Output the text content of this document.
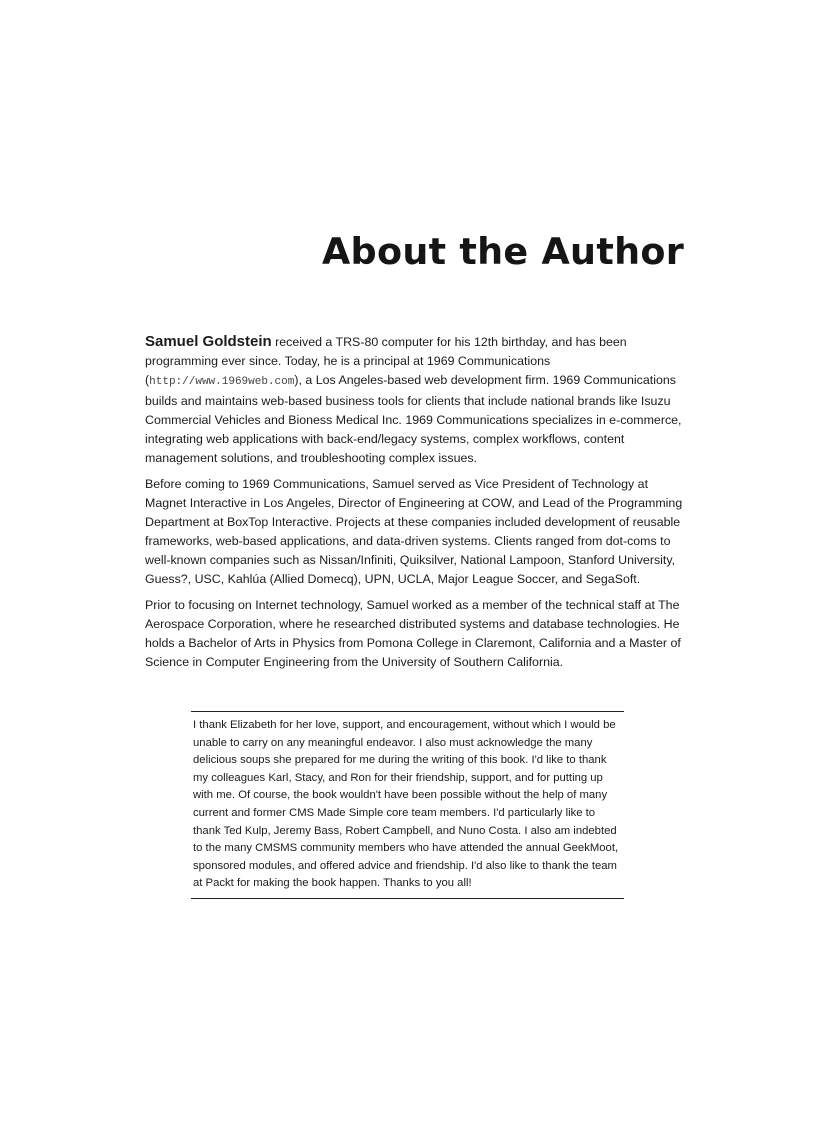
About the Author

Samuel Goldstein received a TRS-80 computer for his 12th birthday, and has been programming ever since. Today, he is a principal at 1969 Communications (http://www.1969web.com), a Los Angeles-based web development firm. 1969 Communications builds and maintains web-based business tools for clients that include national brands like Isuzu Commercial Vehicles and Bioness Medical Inc. 1969 Communications specializes in e-commerce, integrating web applications with back-end/legacy systems, complex workflows, content management solutions, and troubleshooting complex issues.

Before coming to 1969 Communications, Samuel served as Vice President of Technology at Magnet Interactive in Los Angeles, Director of Engineering at COW, and Lead of the Programming Department at BoxTop Interactive. Projects at these companies included development of reusable frameworks, web-based applications, and data-driven systems. Clients ranged from dot-coms to well-known companies such as Nissan/Infiniti, Quiksilver, National Lampoon, Stanford University, Guess?, USC, Kahlúa (Allied Domecq), UPN, UCLA, Major League Soccer, and SegaSoft.

Prior to focusing on Internet technology, Samuel worked as a member of the technical staff at The Aerospace Corporation, where he researched distributed systems and database technologies. He holds a Bachelor of Arts in Physics from Pomona College in Claremont, California and a Master of Science in Computer Engineering from the University of Southern California.

I thank Elizabeth for her love, support, and encouragement, without which I would be unable to carry on any meaningful endeavor. I also must acknowledge the many delicious soups she prepared for me during the writing of this book. I'd like to thank my colleagues Karl, Stacy, and Ron for their friendship, support, and for putting up with me. Of course, the book wouldn't have been possible without the help of many current and former CMS Made Simple core team members. I'd particularly like to thank Ted Kulp, Jeremy Bass, Robert Campbell, and Nuno Costa. I also am indebted to the many CMSMS community members who have attended the annual GeekMoot, sponsored modules, and offered advice and friendship. I'd also like to thank the team at Packt for making the book happen. Thanks to you all!
